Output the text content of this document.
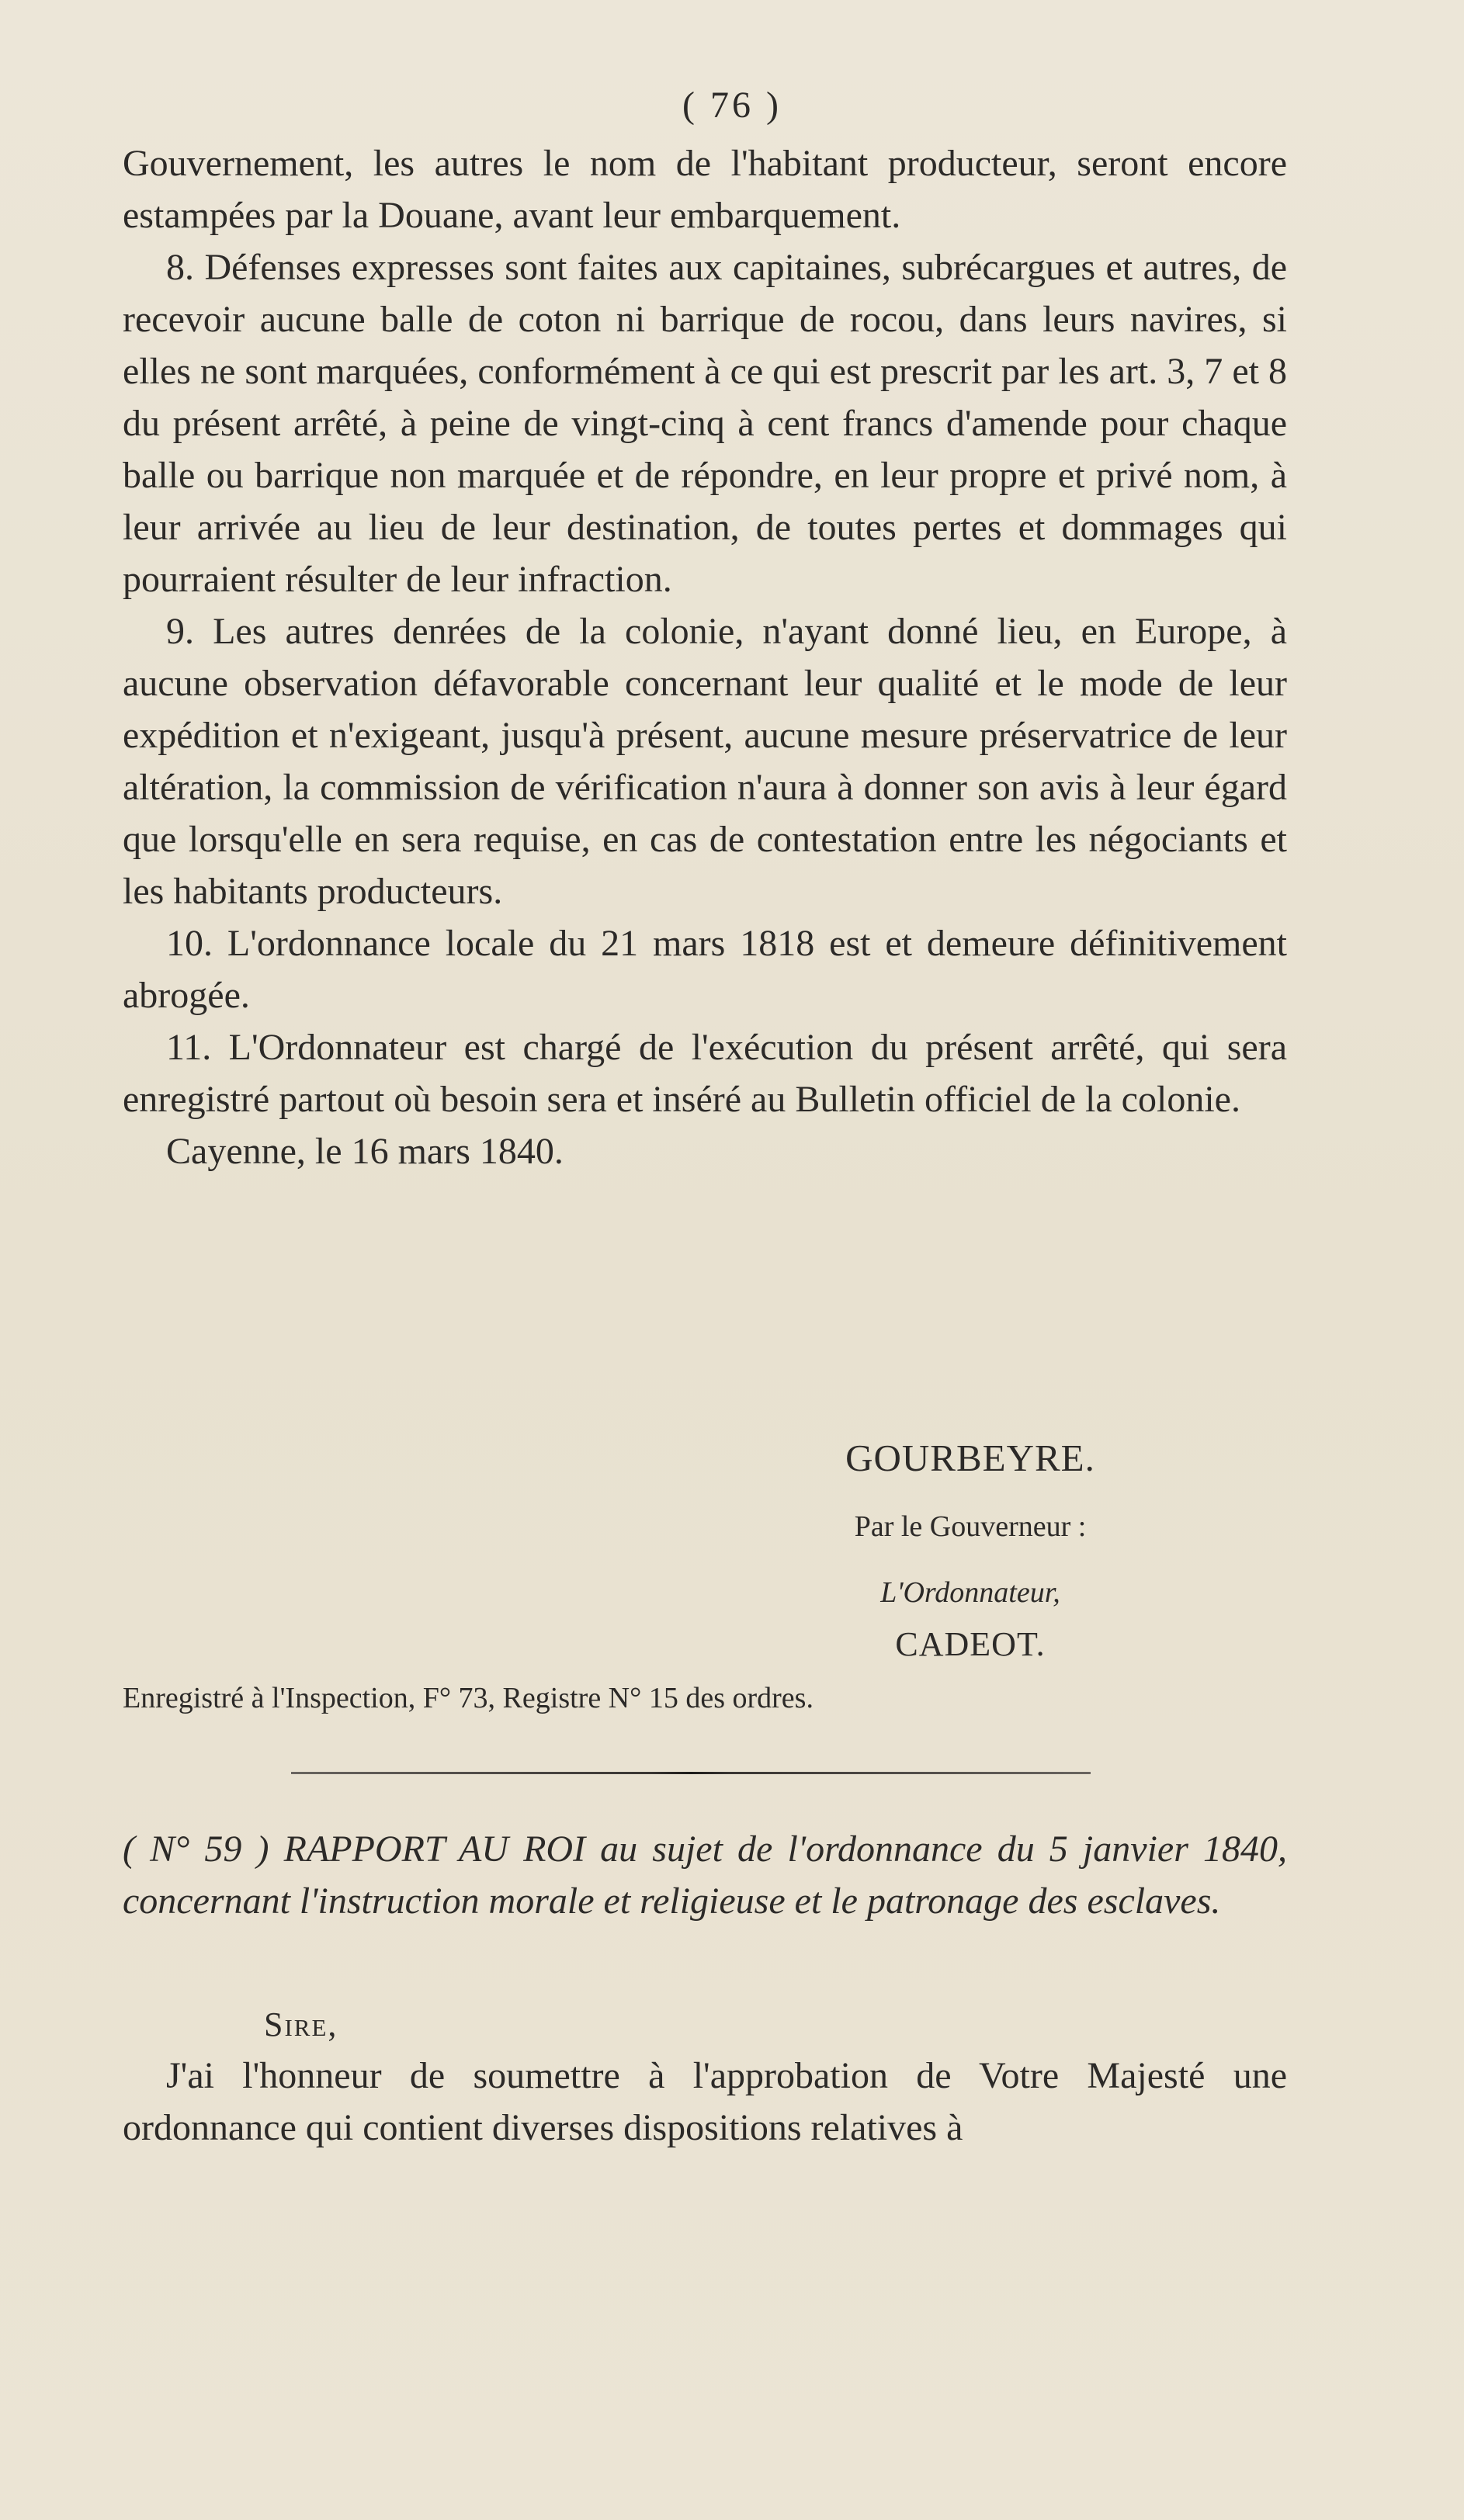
( 76 )

Gouvernement, les autres le nom de l'habitant producteur, seront encore estampées par la Douane, avant leur embarquement.

8. Défenses expresses sont faites aux capitaines, subrécargues et autres, de recevoir aucune balle de coton ni barrique de rocou, dans leurs navires, si elles ne sont marquées, conformément à ce qui est prescrit par les art. 3, 7 et 8 du présent arrêté, à peine de vingt-cinq à cent francs d'amende pour chaque balle ou barrique non marquée et de répondre, en leur propre et privé nom, à leur arrivée au lieu de leur destination, de toutes pertes et dommages qui pourraient résulter de leur infraction.

9. Les autres denrées de la colonie, n'ayant donné lieu, en Europe, à aucune observation défavorable concernant leur qualité et le mode de leur expédition et n'exigeant, jusqu'à présent, aucune mesure préservatrice de leur altération, la commission de vérification n'aura à donner son avis à leur égard que lorsqu'elle en sera requise, en cas de contestation entre les négociants et les habitants producteurs.

10. L'ordonnance locale du 21 mars 1818 est et demeure définitivement abrogée.

11. L'Ordonnateur est chargé de l'exécution du présent arrêté, qui sera enregistré partout où besoin sera et inséré au Bulletin officiel de la colonie.

Cayenne, le 16 mars 1840.

GOURBEYRE.
Par le Gouverneur :
L'Ordonnateur,
CADEOT.
Enregistré à l'Inspection, F° 73, Registre N° 15 des ordres.
( N° 59 ) RAPPORT AU ROI au sujet de l'ordonnance du 5 janvier 1840, concernant l'instruction morale et religieuse et le patronage des esclaves.
Sire,

J'ai l'honneur de soumettre à l'approbation de Votre Majesté une ordonnance qui contient diverses dispositions relatives à
